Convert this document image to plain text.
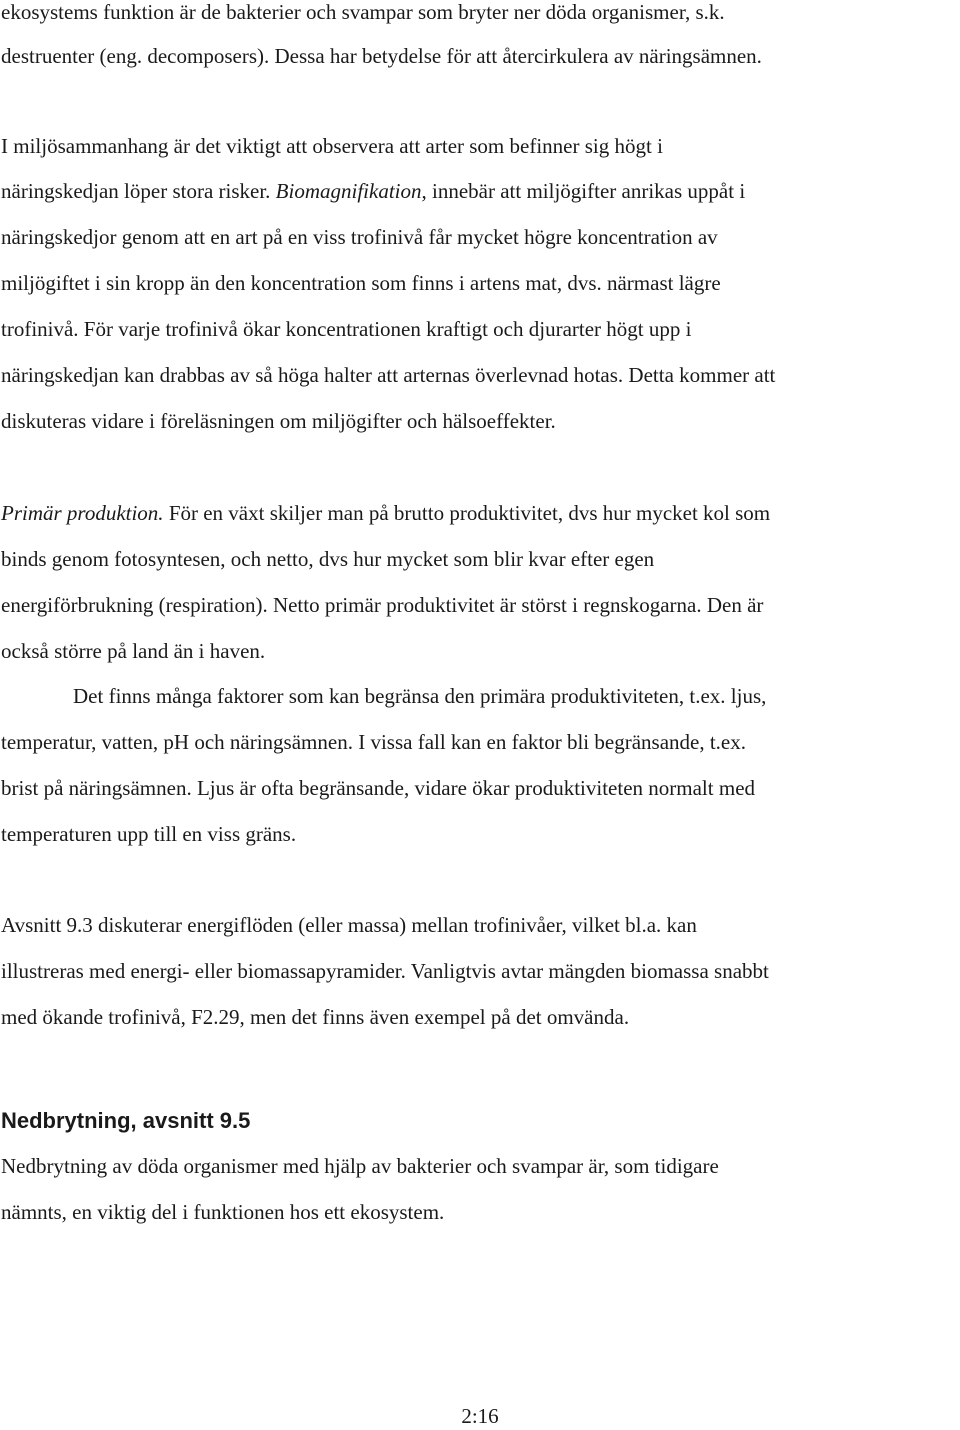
ekosystems funktion är de bakterier och svampar som bryter ner döda organismer, s.k.

destruenter (eng. decomposers). Dessa har betydelse för att återcirkulera av näringsämnen.

I miljösammanhang är det viktigt att observera att arter som befinner sig högt i

näringskedjan löper stora risker. Biomagnifikation, innebär att miljögifter anrikas uppåt i

näringskedjor genom att en art på en viss trofinivå får mycket högre koncentration av

miljögiftet i sin kropp än den koncentration som finns i artens mat, dvs. närmast lägre

trofinivå. För varje trofinivå ökar koncentrationen kraftigt och djurarter högt upp i

näringskedjan kan drabbas av så höga halter att arternas överlevnad hotas. Detta kommer att

diskuteras vidare i föreläsningen om miljögifter och hälsoeffekter.

Primär produktion. För en växt skiljer man på brutto produktivitet, dvs hur mycket kol som

binds genom fotosyntesen, och netto, dvs hur mycket som blir kvar efter egen

energiförbrukning (respiration). Netto primär produktivitet är störst i regnskogarna. Den är

också större på land än i haven.

Det finns många faktorer som kan begränsa den primära produktiviteten, t.ex. ljus,

temperatur, vatten, pH och näringsämnen. I vissa fall kan en faktor bli begränsande, t.ex.

brist på näringsämnen. Ljus är ofta begränsande, vidare ökar produktiviteten normalt med

temperaturen upp till en viss gräns.

Avsnitt 9.3 diskuterar energiflöden (eller massa) mellan trofinivåer, vilket bl.a. kan

illustreras med energi- eller biomassapyramider. Vanligtvis avtar mängden biomassa snabbt

med ökande trofinivå, F2.29, men det finns även exempel på det omvända.

Nedbrytning, avsnitt 9.5

Nedbrytning av döda organismer med hjälp av bakterier och svampar är, som tidigare

nämnts, en viktig del i funktionen hos ett ekosystem.

2:16
